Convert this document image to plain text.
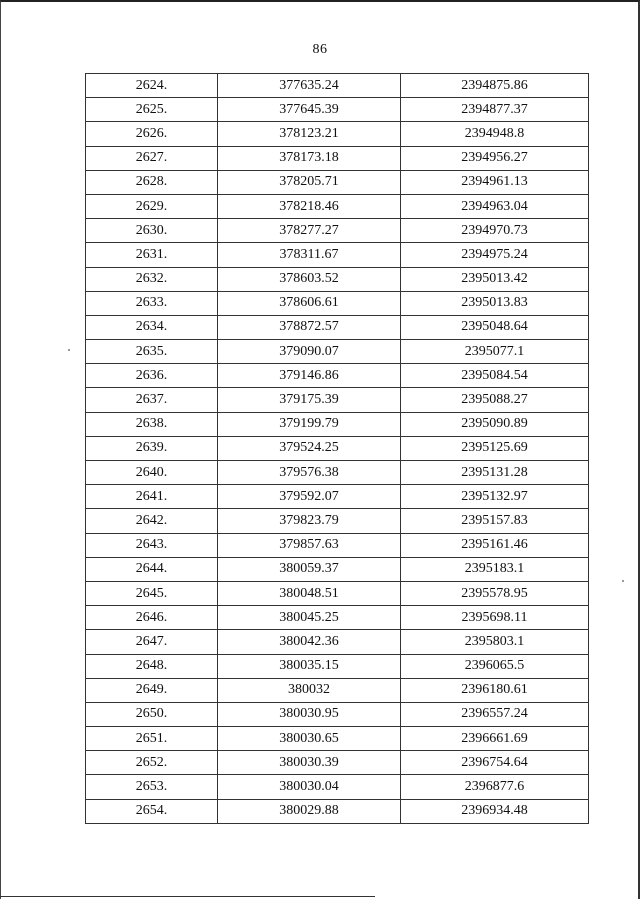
86
2624.	377635.24	2394875.86
2625.	377645.39	2394877.37
2626.	378123.21	2394948.8
2627.	378173.18	2394956.27
2628.	378205.71	2394961.13
2629.	378218.46	2394963.04
2630.	378277.27	2394970.73
2631.	378311.67	2394975.24
2632.	378603.52	2395013.42
2633.	378606.61	2395013.83
2634.	378872.57	2395048.64
2635.	379090.07	2395077.1
2636.	379146.86	2395084.54
2637.	379175.39	2395088.27
2638.	379199.79	2395090.89
2639.	379524.25	2395125.69
2640.	379576.38	2395131.28
2641.	379592.07	2395132.97
2642.	379823.79	2395157.83
2643.	379857.63	2395161.46
2644.	380059.37	2395183.1
2645.	380048.51	2395578.95
2646.	380045.25	2395698.11
2647.	380042.36	2395803.1
2648.	380035.15	2396065.5
2649.	380032	2396180.61
2650.	380030.95	2396557.24
2651.	380030.65	2396661.69
2652.	380030.39	2396754.64
2653.	380030.04	2396877.6
2654.	380029.88	2396934.48
